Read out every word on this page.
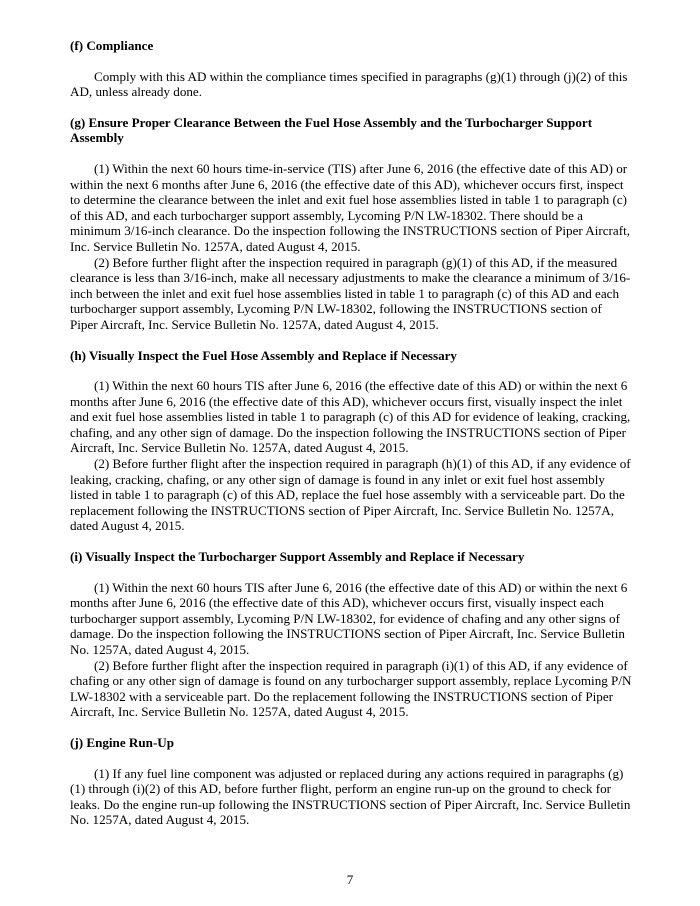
(f) Compliance

Comply with this AD within the compliance times specified in paragraphs (g)(1) through (j)(2) of this AD, unless already done.

(g) Ensure Proper Clearance Between the Fuel Hose Assembly and the Turbocharger Support Assembly

(1) Within the next 60 hours time-in-service (TIS) after June 6, 2016 (the effective date of this AD) or within the next 6 months after June 6, 2016 (the effective date of this AD), whichever occurs first, inspect to determine the clearance between the inlet and exit fuel hose assemblies listed in table 1 to paragraph (c) of this AD, and each turbocharger support assembly, Lycoming P/N LW-18302. There should be a minimum 3/16-inch clearance. Do the inspection following the INSTRUCTIONS section of Piper Aircraft, Inc. Service Bulletin No. 1257A, dated August 4, 2015.

(2) Before further flight after the inspection required in paragraph (g)(1) of this AD, if the measured clearance is less than 3/16-inch, make all necessary adjustments to make the clearance a minimum of 3/16-inch between the inlet and exit fuel hose assemblies listed in table 1 to paragraph (c) of this AD and each turbocharger support assembly, Lycoming P/N LW-18302, following the INSTRUCTIONS section of Piper Aircraft, Inc. Service Bulletin No. 1257A, dated August 4, 2015.

(h) Visually Inspect the Fuel Hose Assembly and Replace if Necessary

(1) Within the next 60 hours TIS after June 6, 2016 (the effective date of this AD) or within the next 6 months after June 6, 2016 (the effective date of this AD), whichever occurs first, visually inspect the inlet and exit fuel hose assemblies listed in table 1 to paragraph (c) of this AD for evidence of leaking, cracking, chafing, and any other sign of damage. Do the inspection following the INSTRUCTIONS section of Piper Aircraft, Inc. Service Bulletin No. 1257A, dated August 4, 2015.

(2) Before further flight after the inspection required in paragraph (h)(1) of this AD, if any evidence of leaking, cracking, chafing, or any other sign of damage is found in any inlet or exit fuel host assembly listed in table 1 to paragraph (c) of this AD, replace the fuel hose assembly with a serviceable part. Do the replacement following the INSTRUCTIONS section of Piper Aircraft, Inc. Service Bulletin No. 1257A, dated August 4, 2015.

(i) Visually Inspect the Turbocharger Support Assembly and Replace if Necessary

(1) Within the next 60 hours TIS after June 6, 2016 (the effective date of this AD) or within the next 6 months after June 6, 2016 (the effective date of this AD), whichever occurs first, visually inspect each turbocharger support assembly, Lycoming P/N LW-18302, for evidence of chafing and any other signs of damage. Do the inspection following the INSTRUCTIONS section of Piper Aircraft, Inc. Service Bulletin No. 1257A, dated August 4, 2015.

(2) Before further flight after the inspection required in paragraph (i)(1) of this AD, if any evidence of chafing or any other sign of damage is found on any turbocharger support assembly, replace Lycoming P/N LW-18302 with a serviceable part. Do the replacement following the INSTRUCTIONS section of Piper Aircraft, Inc. Service Bulletin No. 1257A, dated August 4, 2015.

(j) Engine Run-Up

(1) If any fuel line component was adjusted or replaced during any actions required in paragraphs (g)(1) through (i)(2) of this AD, before further flight, perform an engine run-up on the ground to check for leaks. Do the engine run-up following the INSTRUCTIONS section of Piper Aircraft, Inc. Service Bulletin No. 1257A, dated August 4, 2015.

7
